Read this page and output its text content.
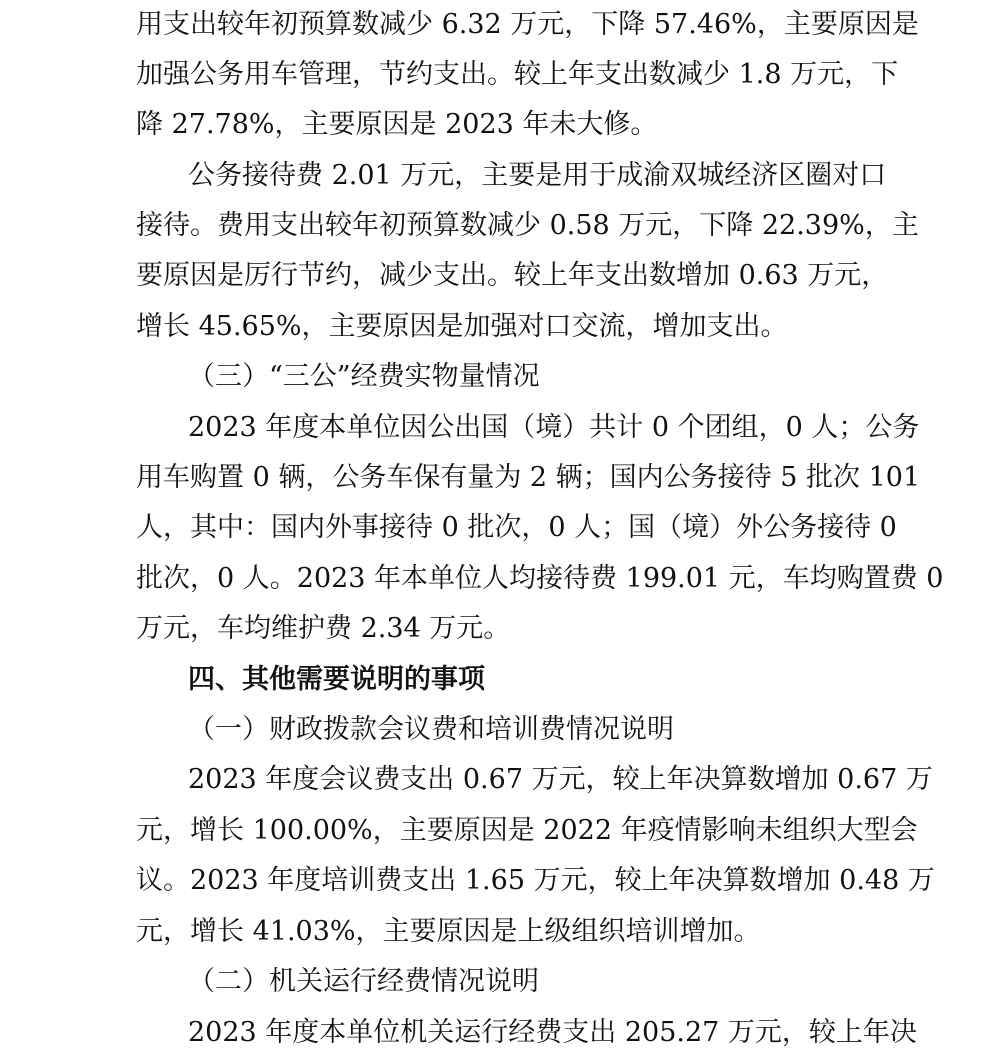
用支出较年初预算数减少 6.32 万元，下降 57.46%，主要原因是
加强公务用车管理，节约支出。较上年支出数减少 1.8 万元，下
降 27.78%，主要原因是 2023 年未大修。
公务接待费 2.01 万元，主要是用于成渝双城经济区圈对口
接待。费用支出较年初预算数减少 0.58 万元，下降 22.39%，主
要原因是厉行节约，减少支出。较上年支出数增加 0.63 万元，
增长 45.65%，主要原因是加强对口交流，增加支出。
（三）“三公”经费实物量情况
2023 年度本单位因公出国（境）共计 0 个团组，0 人；公务
用车购置 0 辆，公务车保有量为 2 辆；国内公务接待 5 批次 101
人，其中：国内外事接待 0 批次，0 人；国（境）外公务接待 0
批次，0 人。2023 年本单位人均接待费 199.01 元，车均购置费 0
万元，车均维护费 2.34 万元。
四、其他需要说明的事项
（一）财政拨款会议费和培训费情况说明
2023 年度会议费支出 0.67 万元，较上年决算数增加 0.67 万
元，增长 100.00%，主要原因是 2022 年疫情影响未组织大型会
议。2023 年度培训费支出 1.65 万元，较上年决算数增加 0.48 万
元，增长 41.03%，主要原因是上级组织培训增加。
（二）机关运行经费情况说明
2023 年度本单位机关运行经费支出 205.27 万元，较上年决
